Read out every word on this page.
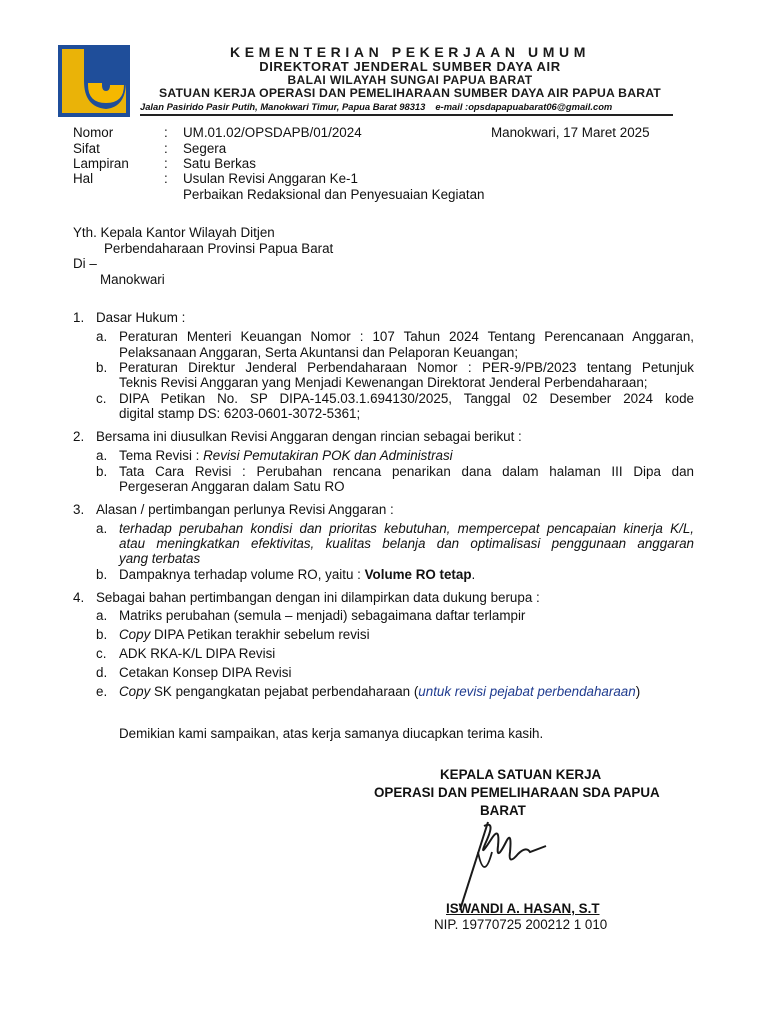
KEMENTERIAN PEKERJAAN UMUM
DIREKTORAT JENDERAL SUMBER DAYA AIR
BALAI WILAYAH SUNGAI PAPUA BARAT
SATUAN KERJA OPERASI DAN PEMELIHARAAN SUMBER DAYA AIR PAPUA BARAT
Jalan Pasirido Pasir Putih, Manokwari Timur, Papua Barat 98313 e-mail :opsdapapuabarat06@gmail.com
Nomor	: UM.01.02/OPSDAPB/01/2024	Manokwari, 17 Maret 2025
Sifat	: Segera
Lampiran	: Satu Berkas
Hal	: Usulan Revisi Anggaran Ke-1
Perbaikan Redaksional dan Penyesuaian Kegiatan
Yth. Kepala Kantor Wilayah Ditjen
Perbendaharaan Provinsi Papua Barat
Di –
Manokwari
1. Dasar Hukum :
a. Peraturan Menteri Keuangan Nomor : 107 Tahun 2024 Tentang Perencanaan Anggaran,
Pelaksanaan Anggaran, Serta Akuntansi dan Pelaporan Keuangan;
b. Peraturan Direktur Jenderal Perbendaharaan Nomor : PER-9/PB/2023 tentang Petunjuk
Teknis Revisi Anggaran yang Menjadi Kewenangan Direktorat Jenderal Perbendaharaan;
c. DIPA Petikan No. SP DIPA-145.03.1.694130/2025, Tanggal 02 Desember 2024 kode
digital stamp DS: 6203-0601-3072-5361;
2. Bersama ini diusulkan Revisi Anggaran dengan rincian sebagai berikut :
a. Tema Revisi : Revisi Pemutakiran POK dan Administrasi
b. Tata Cara Revisi : Perubahan rencana penarikan dana dalam halaman III Dipa dan
Pergeseran Anggaran dalam Satu RO
3. Alasan / pertimbangan perlunya Revisi Anggaran :
a. terhadap perubahan kondisi dan prioritas kebutuhan, mempercepat pencapaian kinerja K/L,
atau meningkatkan efektivitas, kualitas belanja dan optimalisasi penggunaan anggaran
yang terbatas
b. Dampaknya terhadap volume RO, yaitu : Volume RO tetap.
4. Sebagai bahan pertimbangan dengan ini dilampirkan data dukung berupa :
a. Matriks perubahan (semula – menjadi) sebagaimana daftar terlampir
b. Copy DIPA Petikan terakhir sebelum revisi
c. ADK RKA-K/L DIPA Revisi
d. Cetakan Konsep DIPA Revisi
e. Copy SK pengangkatan pejabat perbendaharaan (untuk revisi pejabat perbendaharaan)
Demikian kami sampaikan, atas kerja samanya diucapkan terima kasih.
KEPALA SATUAN KERJA
OPERASI DAN PEMELIHARAAN SDA PAPUA
BARAT
ISWANDI A. HASAN, S.T
NIP. 19770725 200212 1 010
